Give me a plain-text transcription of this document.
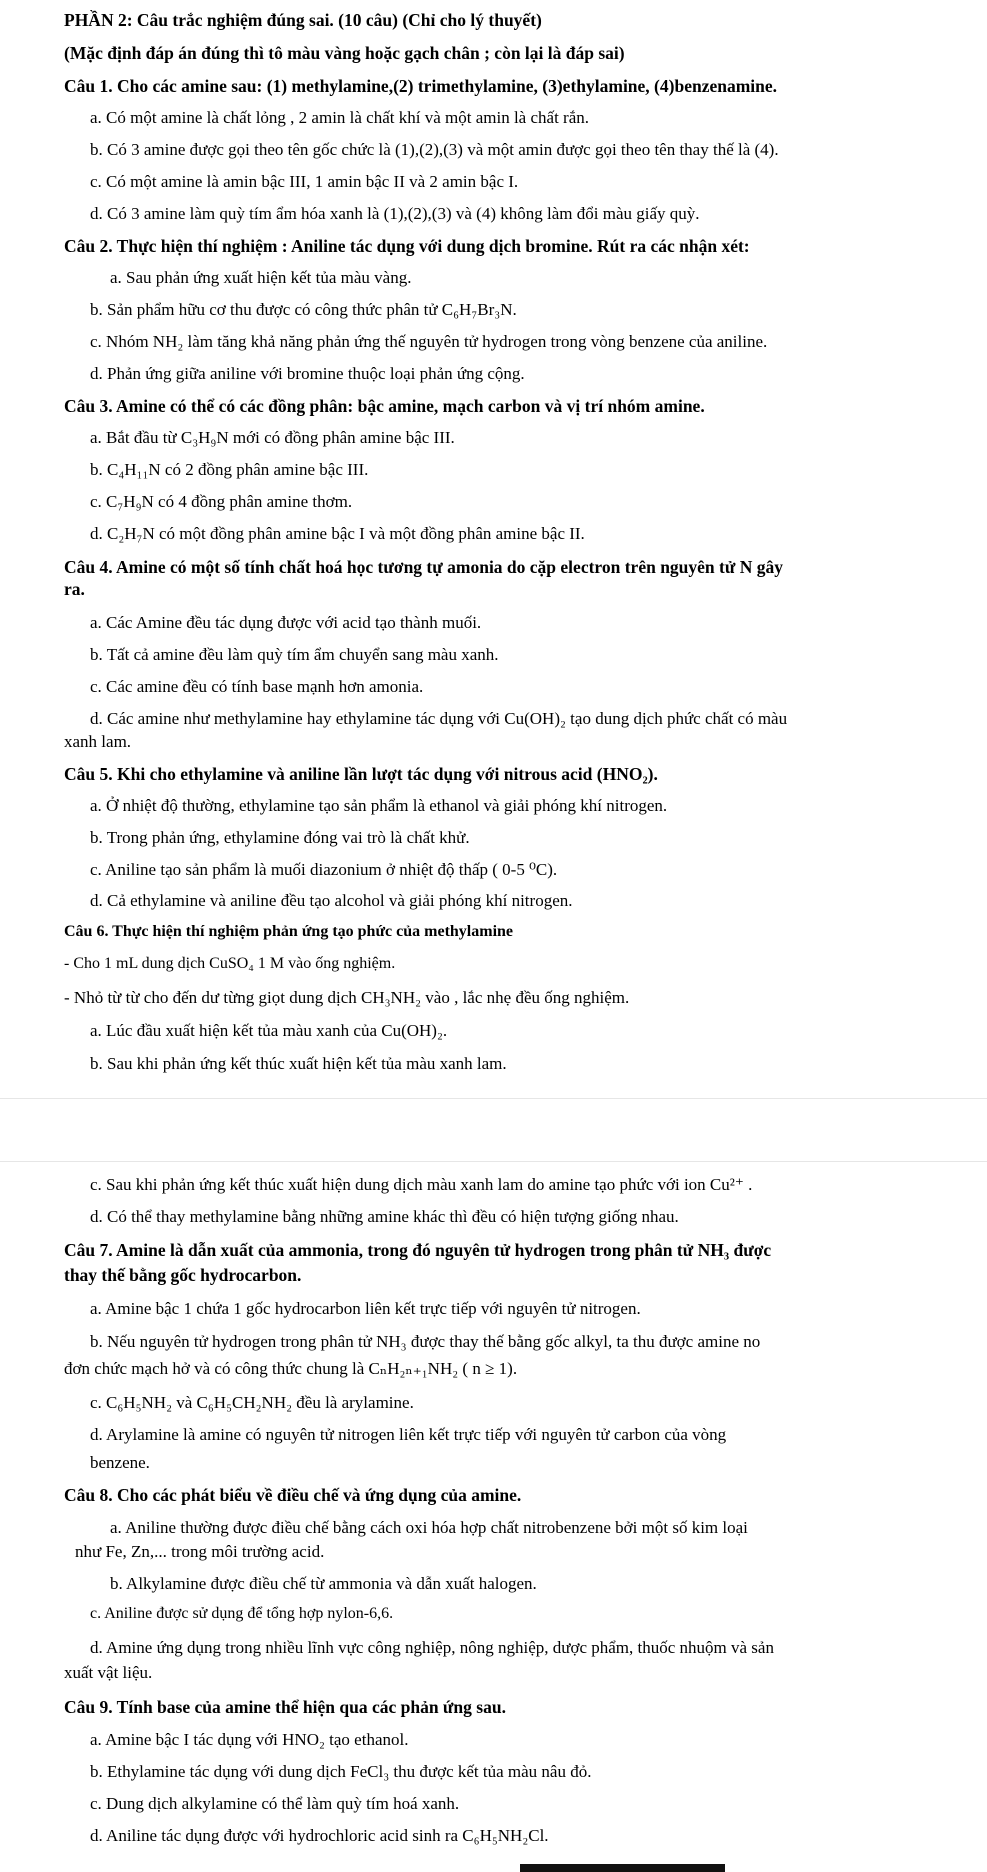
PHẦN 2: Câu trắc nghiệm đúng sai. (10 câu) (Chỉ cho lý thuyết)
(Mặc định đáp án đúng thì tô màu vàng hoặc gạch chân ; còn lại là đáp sai)
Câu 1. Cho các amine sau: (1) methylamine,(2) trimethylamine, (3)ethylamine, (4)benzenamine.
a. Có một amine là chất lỏng , 2 amin là chất khí và một amin là chất rắn.
b. Có 3 amine được gọi theo tên gốc chức là (1),(2),(3) và một amin được gọi theo tên thay thế là (4).
c. Có một amine là amin bậc III, 1 amin bậc II và 2 amin bậc I.
d. Có 3 amine làm quỳ tím ẩm hóa xanh là (1),(2),(3) và (4) không làm đổi màu giấy quỳ.
Câu 2. Thực hiện thí nghiệm : Aniline tác dụng với dung dịch bromine. Rút ra các nhận xét:
a. Sau phản ứng xuất hiện kết tủa màu vàng.
b. Sản phẩm hữu cơ thu được có công thức phân tử C₆H₇Br₃N.
c. Nhóm NH₂ làm tăng khả năng phản ứng thế nguyên tử hydrogen trong vòng benzene của aniline.
d. Phản ứng giữa aniline với bromine thuộc loại phản ứng cộng.
Câu 3. Amine có thể có các đồng phân: bậc amine, mạch carbon và vị trí nhóm amine.
a. Bắt đầu từ C₃H₉N mới có đồng phân amine bậc III.
b. C₄H₁₁N có 2 đồng phân amine bậc III.
c. C₇H₉N có 4 đồng phân amine thơm.
d. C₂H₇N có một đồng phân amine bậc I và một đồng phân amine bậc II.
Câu 4. Amine có một số tính chất hoá học tương tự amonia do cặp electron trên nguyên tử N gây
ra.
a. Các Amine đều tác dụng được với acid tạo thành muối.
b. Tất cả amine đều làm quỳ tím ẩm chuyển sang màu xanh.
c. Các amine đều có tính base mạnh hơn amonia.
d. Các amine như methylamine hay ethylamine tác dụng với Cu(OH)₂ tạo dung dịch phức chất có màu
xanh lam.
Câu 5. Khi cho ethylamine và aniline lần lượt tác dụng với nitrous acid (HNO₂).
a. Ở nhiệt độ thường, ethylamine tạo sản phẩm là ethanol và giải phóng khí nitrogen.
b. Trong phản ứng, ethylamine đóng vai trò là chất khử.
c. Aniline tạo sản phẩm là muối diazonium ở nhiệt độ thấp ( 0-5 ⁰C).
d. Cả ethylamine và aniline đều tạo alcohol và giải phóng khí nitrogen.
Câu 6. Thực hiện thí nghiệm phản ứng tạo phức của methylamine
- Cho 1 mL dung dịch CuSO₄ 1 M vào ống nghiệm.
- Nhỏ từ từ cho đến dư từng giọt dung dịch CH₃NH₂ vào , lắc nhẹ đều ống nghiệm.
a. Lúc đầu xuất hiện kết tủa màu xanh của Cu(OH)₂.
b. Sau khi phản ứng kết thúc xuất hiện kết tủa màu xanh lam.
c. Sau khi phản ứng kết thúc xuất hiện dung dịch màu xanh lam do amine tạo phức với ion Cu²⁺ .
d. Có thể thay methylamine bằng những amine khác thì đều có hiện tượng giống nhau.
Câu 7. Amine là dẫn xuất của ammonia, trong đó nguyên tử hydrogen trong phân tử NH₃ được
thay thế bằng gốc hydrocarbon.
a. Amine bậc 1 chứa 1 gốc hydrocarbon liên kết trực tiếp với nguyên tử nitrogen.
b. Nếu nguyên tử hydrogen trong phân tử NH₃ được thay thế bằng gốc alkyl, ta thu được amine no
đơn chức mạch hở và có công thức chung là CₙH₂ₙ₊₁NH₂ ( n ≥ 1).
c. C₆H₅NH₂ và C₆H₅CH₂NH₂ đều là arylamine.
d. Arylamine là amine có nguyên tử nitrogen liên kết trực tiếp với nguyên tử carbon của vòng
benzene.
Câu 8. Cho các phát biểu về điều chế và ứng dụng của amine.
a. Aniline thường được điều chế bằng cách oxi hóa hợp chất nitrobenzene bởi một số kim loại
như Fe, Zn,... trong môi trường acid.
b. Alkylamine được điều chế từ ammonia và dẫn xuất halogen.
c. Aniline được sử dụng để tổng hợp nylon-6,6.
d. Amine ứng dụng trong nhiều lĩnh vực công nghiệp, nông nghiệp, dược phẩm, thuốc nhuộm và sản
xuất vật liệu.
Câu 9. Tính base của amine thể hiện qua các phản ứng sau.
a. Amine bậc I tác dụng với HNO₂ tạo ethanol.
b. Ethylamine tác dụng với dung dịch FeCl₃ thu được kết tủa màu nâu đỏ.
c. Dung dịch alkylamine có thể làm quỳ tím hoá xanh.
d. Aniline tác dụng được với hydrochloric acid sinh ra C₆H₅NH₂Cl.
